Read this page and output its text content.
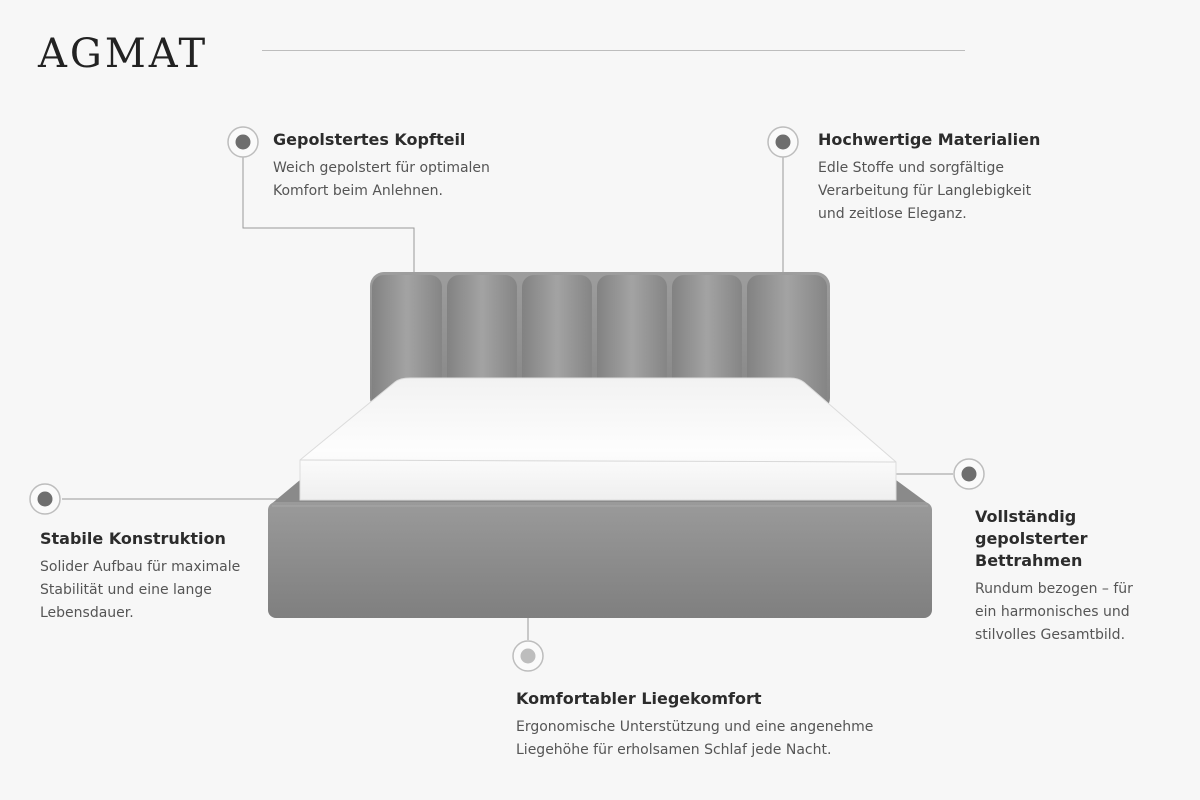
AGMAT
Gepolstertes Kopfteil

Weich gepolstert für optimalen
Komfort beim Anlehnen.

Hochwertige Materialien

Edle Stoffe und sorgfältige
Verarbeitung für Langlebigkeit
und zeitlose Eleganz.

Stabile Konstruktion

Solider Aufbau für maximale
Stabilität und eine lange
Lebensdauer.

Vollständig gepolsterter
Bettrahmen

Rundum bezogen – für
ein harmonisches und
stilvolles Gesamtbild.

Komfortabler Liegekomfort

Ergonomische Unterstützung und eine angenehme
Liegehöhe für erholsamen Schlaf jede Nacht.
